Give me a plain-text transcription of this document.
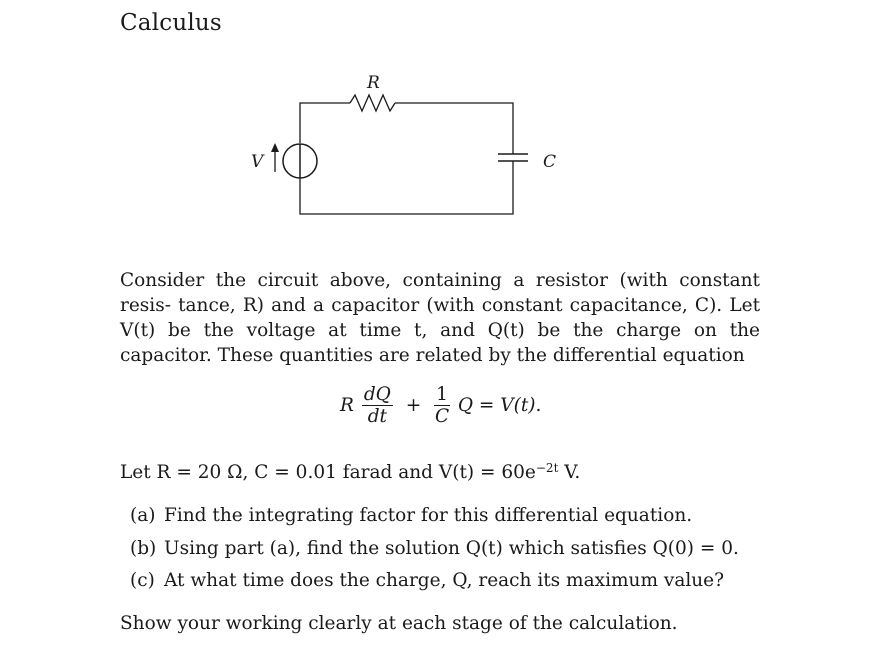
Calculus
R
V	C
Consider the circuit above, containing a resistor (with constant resis- tance, R) and a capacitor (with constant capacitance, C). Let V(t) be the voltage at time t, and Q(t) be the charge on the capacitor. These quantities are related by the differential equation
R $\frac{dQ}{dt} + \frac{1}{C}$ Q = V(t).
Let R = 20 Ω, C = 0.01 farad and $V(t) = 60e^{-2t}$ V.
(a) Find the integrating factor for this differential equation.
(b) Using part (a), find the solution Q(t) which satisfies Q(0) = 0.
(c) At what time does the charge, Q, reach its maximum value?
Show your working clearly at each stage of the calculation.
